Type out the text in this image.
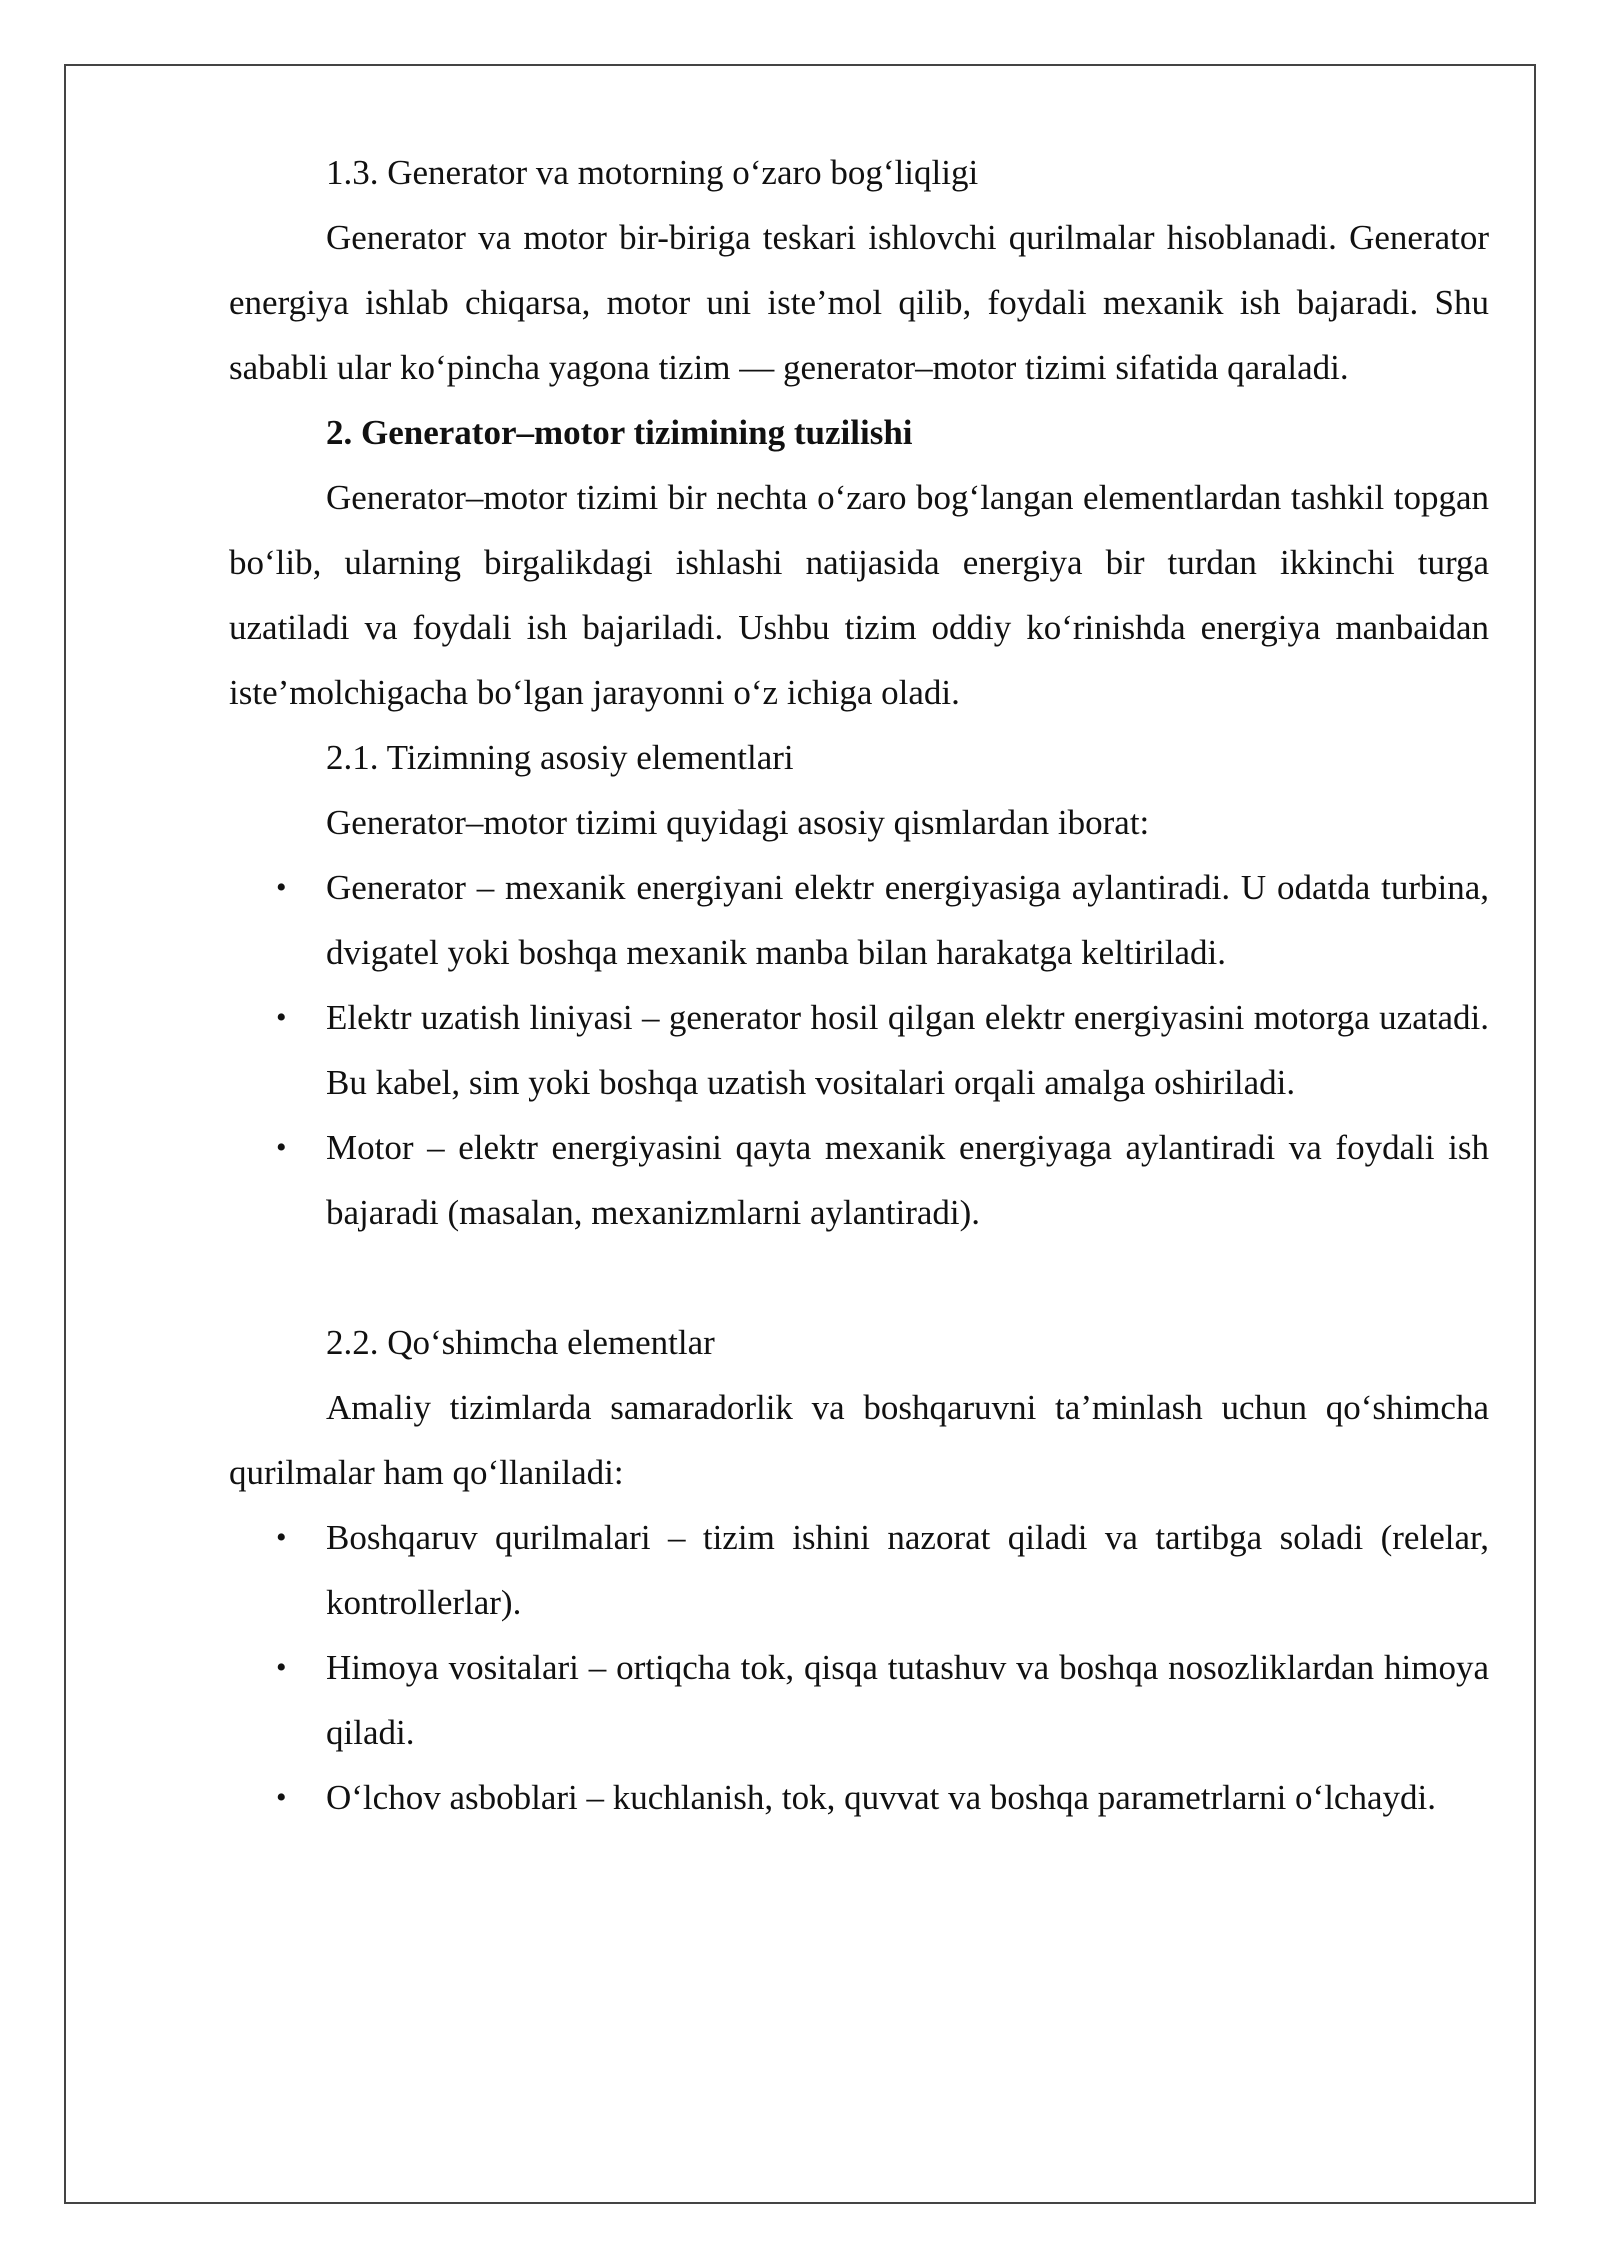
1.3. Generator va motorning o‘zaro bog‘liqligi

Generator va motor bir-biriga teskari ishlovchi qurilmalar hisoblanadi. Generator energiya ishlab chiqarsa, motor uni iste’mol qilib, foydali mexanik ish bajaradi. Shu sababli ular ko‘pincha yagona tizim — generator–motor tizimi sifatida qaraladi.

2. Generator–motor tizimining tuzilishi

Generator–motor tizimi bir nechta o‘zaro bog‘langan elementlardan tashkil topgan bo‘lib, ularning birgalikdagi ishlashi natijasida energiya bir turdan ikkinchi turga uzatiladi va foydali ish bajariladi. Ushbu tizim oddiy ko‘rinishda energiya manbaidan iste’molchigacha bo‘lgan jarayonni o‘z ichiga oladi.

2.1. Tizimning asosiy elementlari

Generator–motor tizimi quyidagi asosiy qismlardan iborat:

• Generator – mexanik energiyani elektr energiyasiga aylantiradi. U odatda turbina, dvigatel yoki boshqa mexanik manba bilan harakatga keltiriladi.
• Elektr uzatish liniyasi – generator hosil qilgan elektr energiyasini motorga uzatadi. Bu kabel, sim yoki boshqa uzatish vositalari orqali amalga oshiriladi.
• Motor – elektr energiyasini qayta mexanik energiyaga aylantiradi va foydali ish bajaradi (masalan, mexanizmlarni aylantiradi).

2.2. Qo‘shimcha elementlar

Amaliy tizimlarda samaradorlik va boshqaruvni ta’minlash uchun qo‘shimcha qurilmalar ham qo‘llaniladi:

• Boshqaruv qurilmalari – tizim ishini nazorat qiladi va tartibga soladi (relelar, kontrollerlar).
• Himoya vositalari – ortiqcha tok, qisqa tutashuv va boshqa nosozliklardan himoya qiladi.
• O‘lchov asboblari – kuchlanish, tok, quvvat va boshqa parametrlarni o‘lchaydi.
